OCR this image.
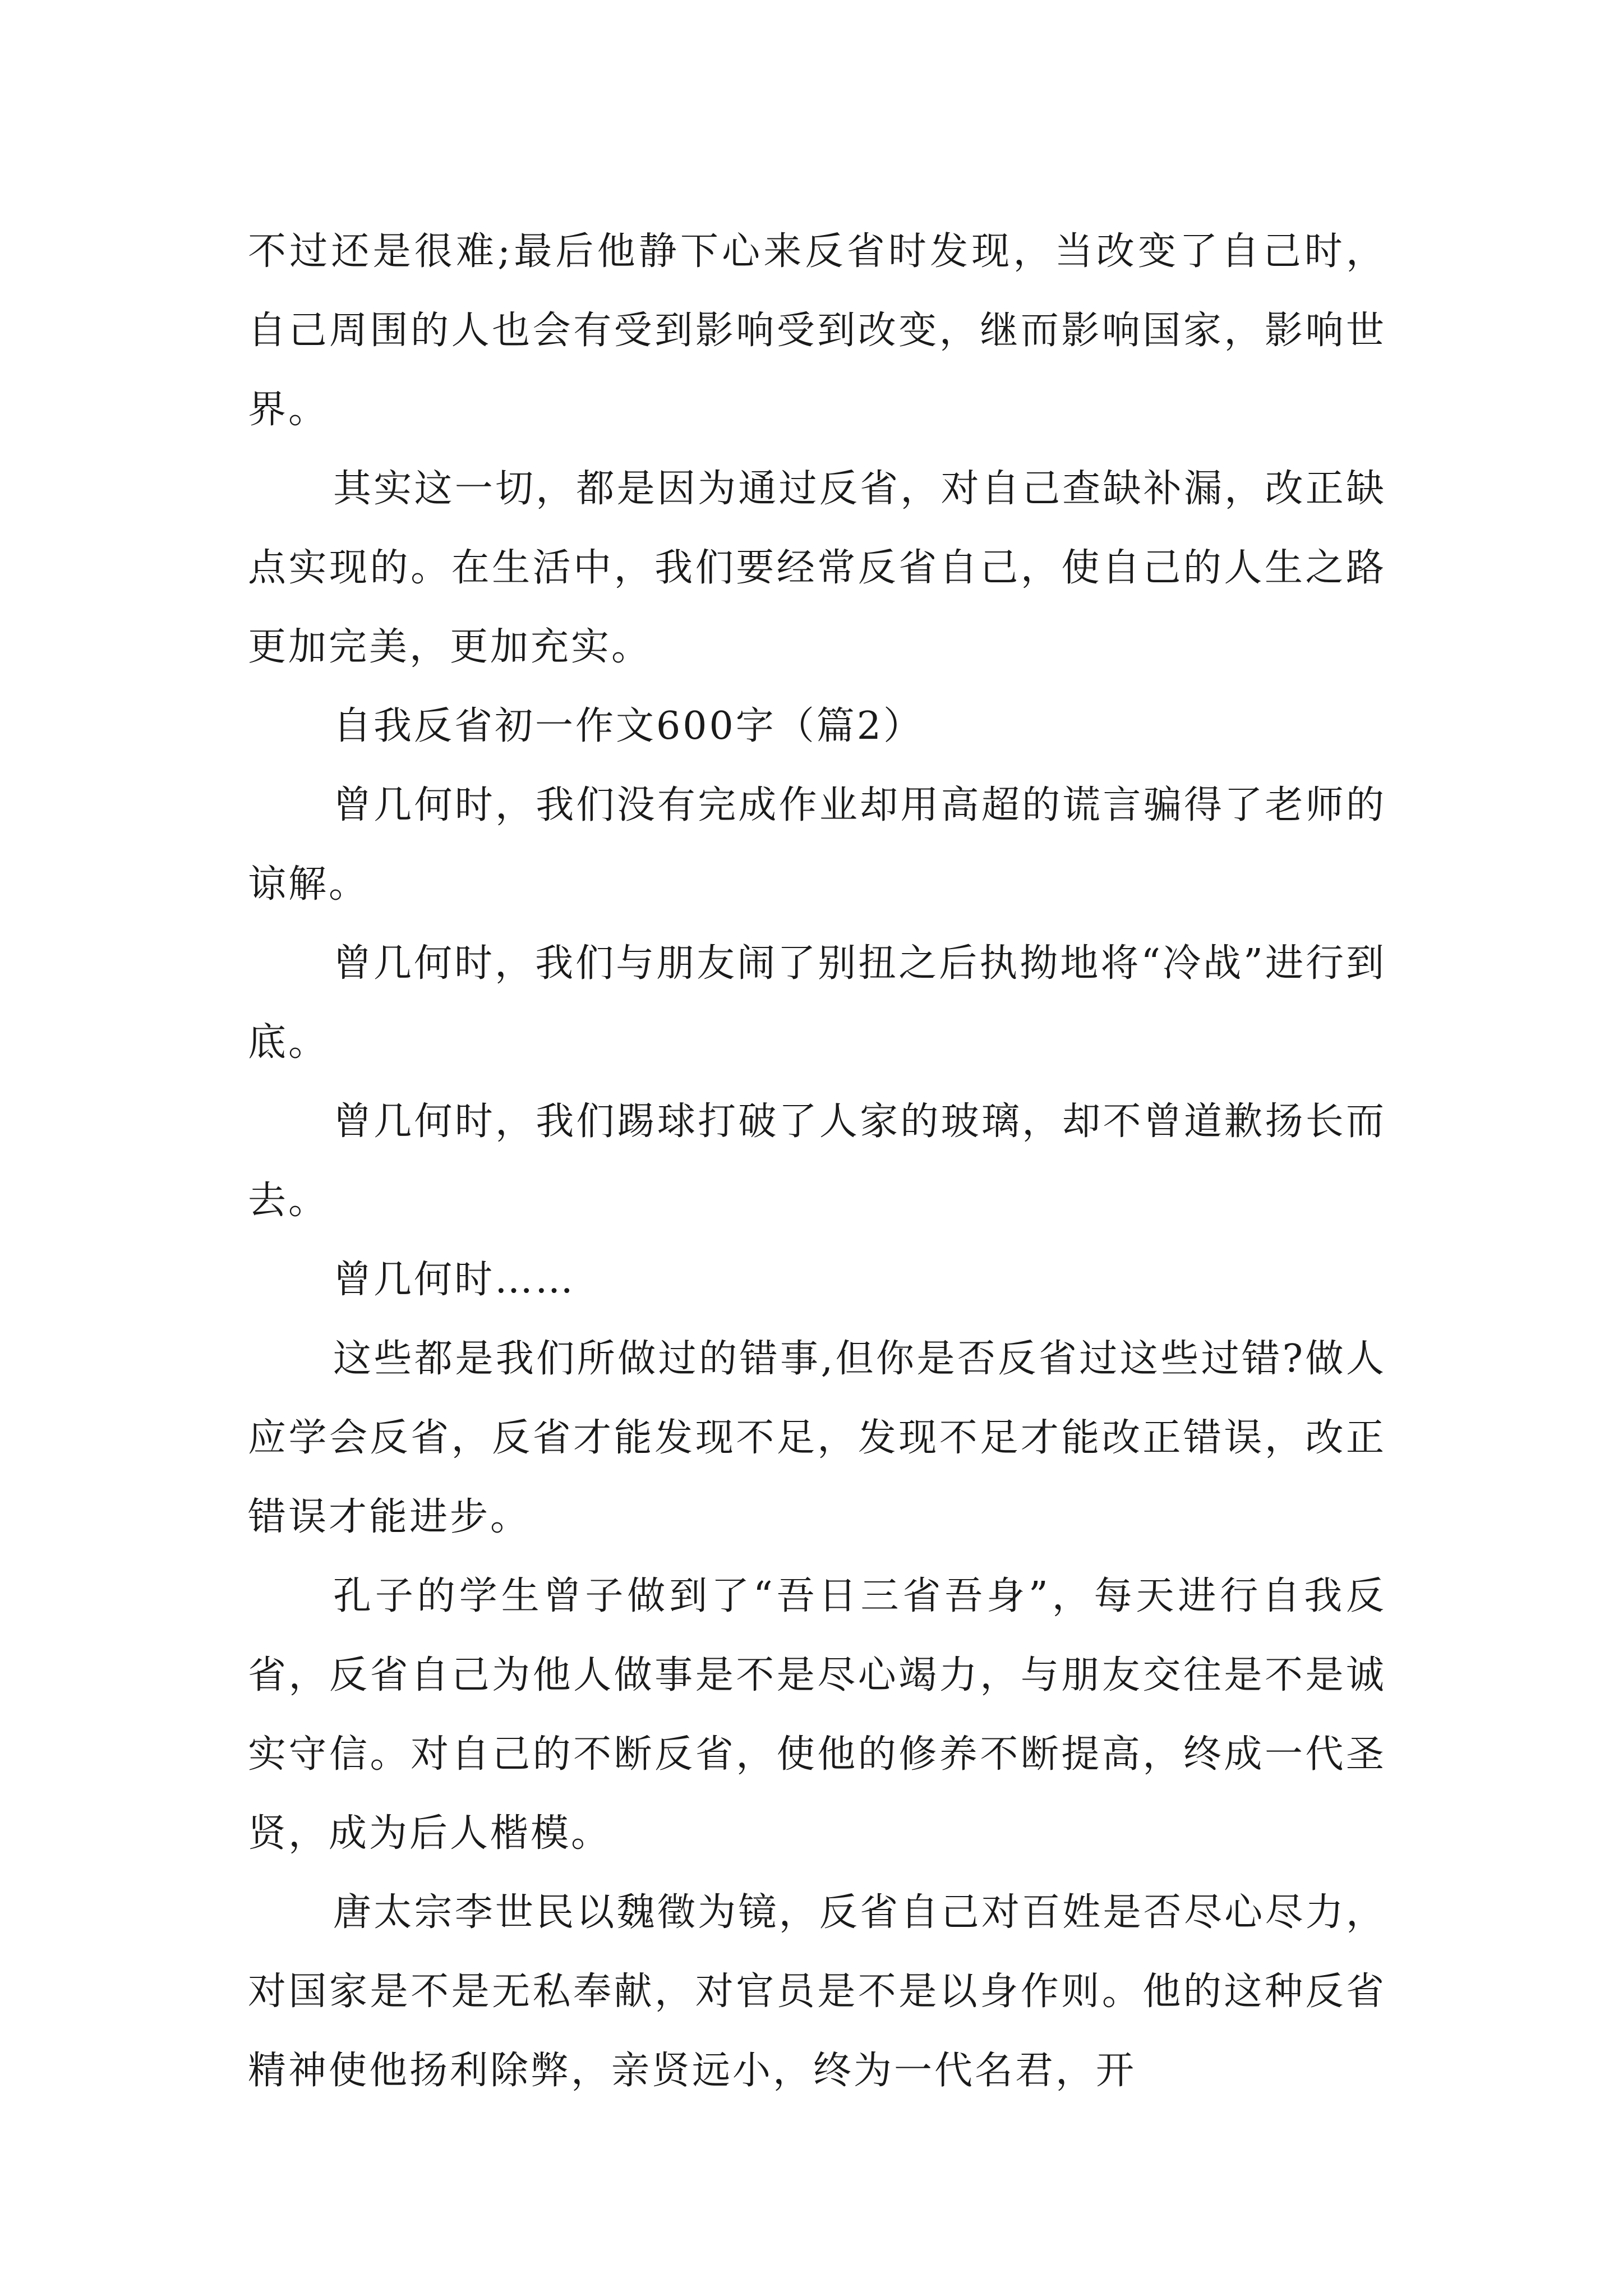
不过还是很难;最后他静下心来反省时发现，当改变了自己时，自己周围的人也会有受到影响受到改变，继而影响国家，影响世界。

其实这一切，都是因为通过反省，对自己查缺补漏，改正缺点实现的。在生活中，我们要经常反省自己，使自己的人生之路更加完美，更加充实。

自我反省初一作文600字（篇2）

曾几何时，我们没有完成作业却用高超的谎言骗得了老师的谅解。

曾几何时，我们与朋友闹了别扭之后执拗地将“冷战”进行到底。

曾几何时，我们踢球打破了人家的玻璃，却不曾道歉扬长而去。

曾几何时……

这些都是我们所做过的错事,但你是否反省过这些过错?做人应学会反省，反省才能发现不足，发现不足才能改正错误，改正错误才能进步。

孔子的学生曾子做到了“吾日三省吾身”，每天进行自我反省，反省自己为他人做事是不是尽心竭力，与朋友交往是不是诚实守信。对自己的不断反省，使他的修养不断提高，终成一代圣贤，成为后人楷模。

唐太宗李世民以魏徵为镜，反省自己对百姓是否尽心尽力，对国家是不是无私奉献，对官员是不是以身作则。他的这种反省精神使他扬利除弊，亲贤远小，终为一代名君，开
